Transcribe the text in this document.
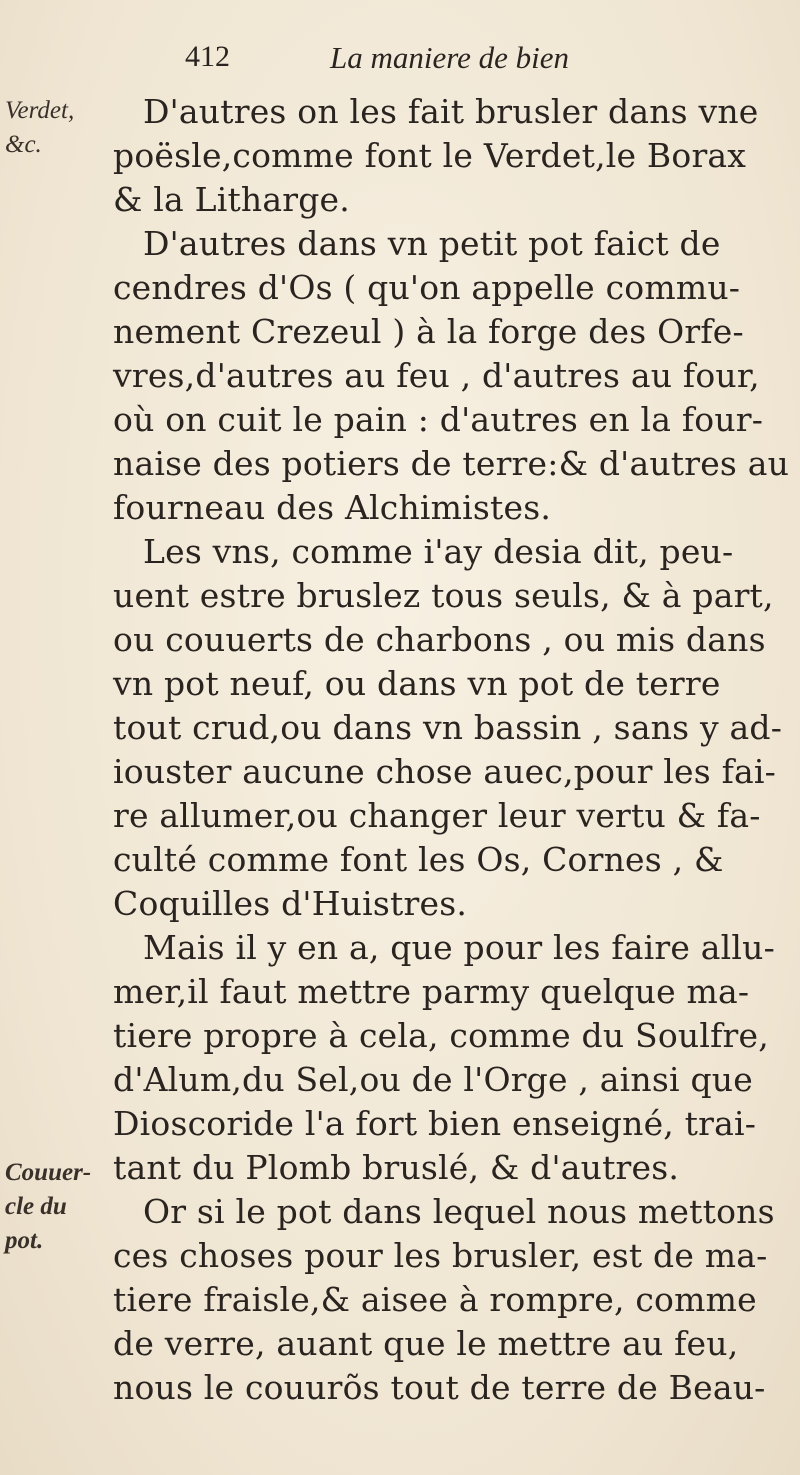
412	La maniere de bien
Verdet,
&c.
Couuer-
cle du
pot.
D'autres on les fait brusler dans vne
poësle,comme font le Verdet,le Borax
& la Litharge.
D'autres dans vn petit pot faict de
cendres d'Os ( qu'on appelle commu-
nement Crezeul ) à la forge des Orfe-
vres,d'autres au feu , d'autres au four,
où on cuit le pain : d'autres en la four-
naise des potiers de terre:& d'autres au
fourneau des Alchimistes.
Les vns, comme i'ay desia dit, peu-
uent estre bruslez tous seuls, & à part,
ou couuerts de charbons , ou mis dans
vn pot neuf, ou dans vn pot de terre
tout crud,ou dans vn bassin , sans y ad-
iouster aucune chose auec,pour les fai-
re allumer,ou changer leur vertu & fa-
culté comme font les Os, Cornes , &
Coquilles d'Huistres.
Mais il y en a, que pour les faire allu-
mer,il faut mettre parmy quelque ma-
tiere propre à cela, comme du Soulfre,
d'Alum,du Sel,ou de l'Orge , ainsi que
Dioscoride l'a fort bien enseigné, trai-
tant du Plomb bruslé, & d'autres.
Or si le pot dans lequel nous mettons
ces choses pour les brusler, est de ma-
tiere fraisle,& aisee à rompre, comme
de verre, auant que le mettre au feu,
nous le couurõs tout de terre de Beau-
